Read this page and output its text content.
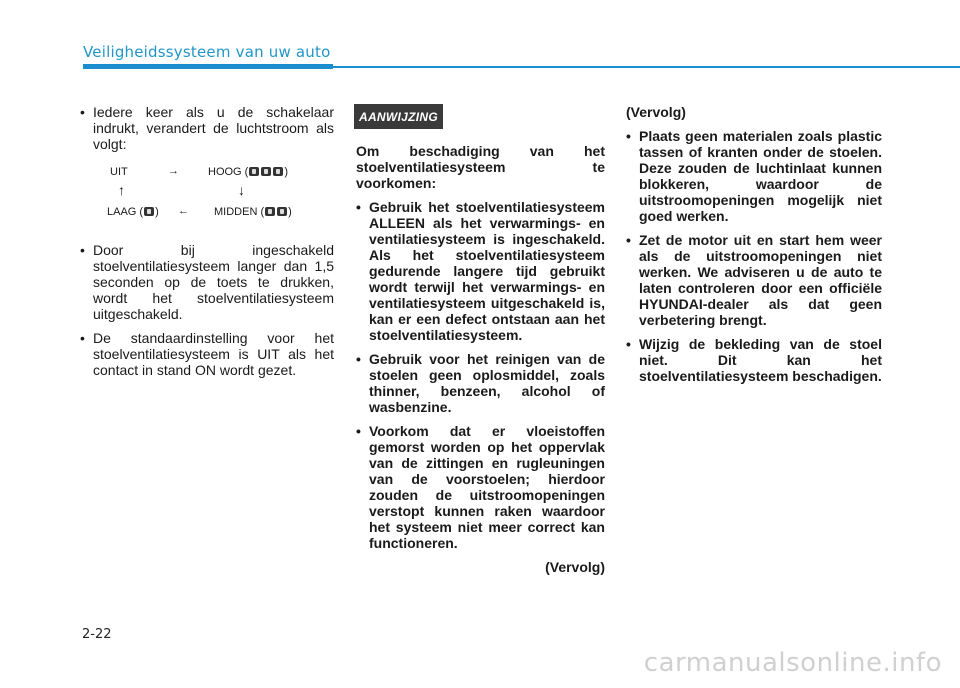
Veiligheidssysteem van uw auto
• Iedere keer als u de schakelaar indrukt, verandert de luchtstroom als volgt:
UIT	→	HOOG (	)
↑	↓
LAAG ( ) ← MIDDEN ( )
• Door bij ingeschakeld stoelventilatiesysteem langer dan 1,5 seconden op de toets te drukken, wordt het stoelventilatiesysteem uitgeschakeld.
• De standaardinstelling voor het stoelventilatiesysteem is UIT als het contact in stand ON wordt gezet.
AANWIJZING
Om beschadiging van het stoelventilatiesysteem te voorkomen:
• Gebruik het stoelventilatiesysteem ALLEEN als het verwarmings- en ventilatiesysteem is ingeschakeld. Als het stoelventilatiesysteem gedurende langere tijd gebruikt wordt terwijl het verwarmings- en ventilatiesysteem uitgeschakeld is, kan er een defect ontstaan aan het stoelventilatiesysteem.
• Gebruik voor het reinigen van de stoelen geen oplosmiddel, zoals thinner, benzeen, alcohol of wasbenzine.
• Voorkom dat er vloeistoffen gemorst worden op het oppervlak van de zittingen en rugleuningen van de voorstoelen; hierdoor zouden de uitstroomopeningen verstopt kunnen raken waardoor het systeem niet meer correct kan functioneren.
(Vervolg)
(Vervolg)
• Plaats geen materialen zoals plastic tassen of kranten onder de stoelen. Deze zouden de luchtinlaat kunnen blokkeren, waardoor de uitstroomopeningen mogelijk niet goed werken.
• Zet de motor uit en start hem weer als de uitstroomopeningen niet werken. We adviseren u de auto te laten controleren door een officiële HYUNDAI-dealer als dat geen verbetering brengt.
• Wijzig de bekleding van de stoel niet. Dit kan het stoelventilatiesysteem beschadigen.
2-22
carmanualsonline.info
